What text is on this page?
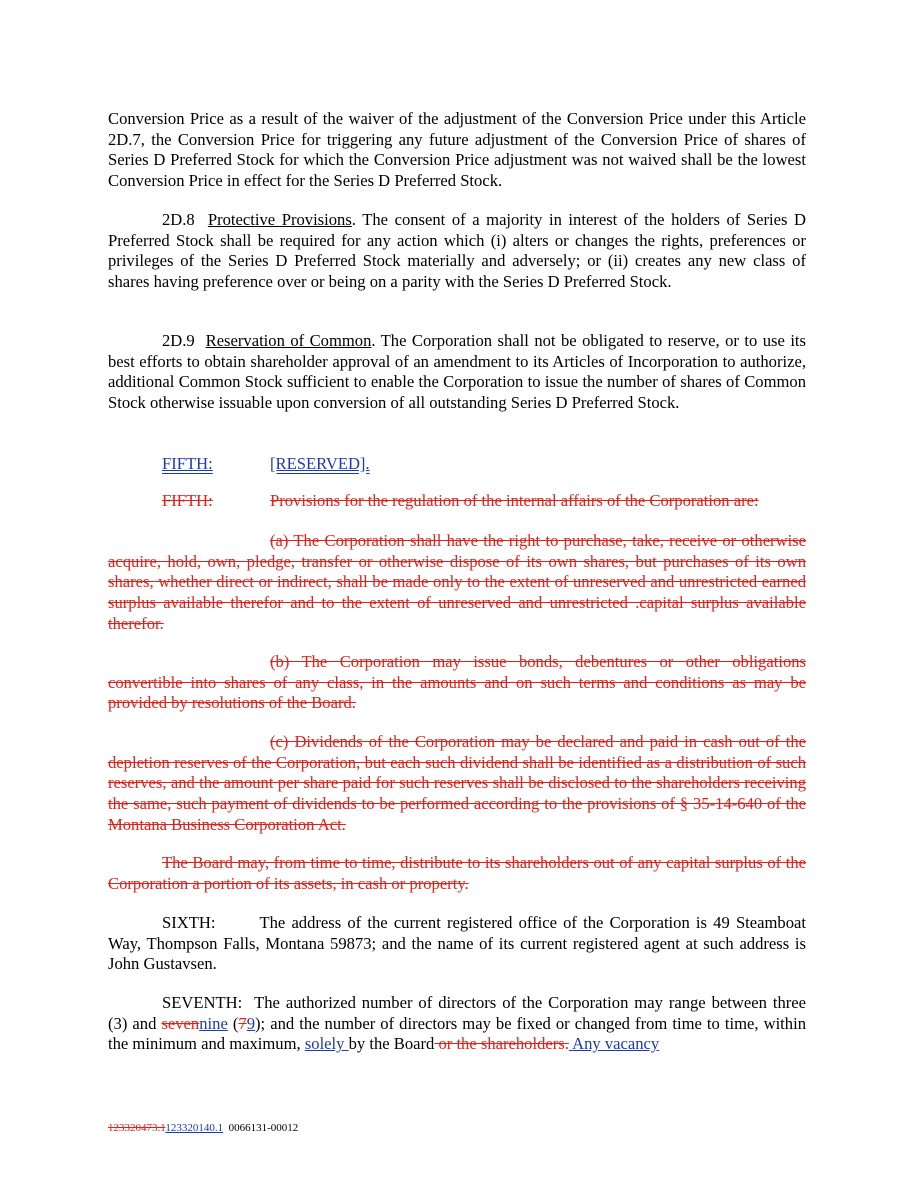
Conversion Price as a result of the waiver of the adjustment of the Conversion Price under this Article 2D.7, the Conversion Price for triggering any future adjustment of the Conversion Price of shares of Series D Preferred Stock for which the Conversion Price adjustment was not waived shall be the lowest Conversion Price in effect for the Series D Preferred Stock.

2D.8 Protective Provisions. The consent of a majority in interest of the holders of Series D Preferred Stock shall be required for any action which (i) alters or changes the rights, preferences or privileges of the Series D Preferred Stock materially and adversely; or (ii) creates any new class of shares having preference over or being on a parity with the Series D Preferred Stock.

2D.9 Reservation of Common. The Corporation shall not be obligated to reserve, or to use its best efforts to obtain shareholder approval of an amendment to its Articles of Incorporation to authorize, additional Common Stock sufficient to enable the Corporation to issue the number of shares of Common Stock otherwise issuable upon conversion of all outstanding Series D Preferred Stock.

FIFTH:	[RESERVED].
FIFTH:	Provisions for the regulation of the internal affairs of the Corporation are:

(a) The Corporation shall have the right to purchase, take, receive or otherwise acquire, hold, own, pledge, transfer or otherwise dispose of its own shares, but purchases of its own shares, whether direct or indirect, shall be made only to the extent of unreserved and unrestricted earned surplus available therefor and to the extent of unreserved and unrestricted .capital surplus available therefor.

(b) The Corporation may issue bonds, debentures or other obligations convertible into shares of any class, in the amounts and on such terms and conditions as may be provided by resolutions of the Board.

(c) Dividends of the Corporation may be declared and paid in cash out of the depletion reserves of the Corporation, but each such dividend shall be identified as a distribution of such reserves, and the amount per share paid for such reserves shall be disclosed to the shareholders receiving the same, such payment of dividends to be performed according to the provisions of § 35-14-640 of the Montana Business Corporation Act.

The Board may, from time to time, distribute to its shareholders out of any capital surplus of the Corporation a portion of its assets, in cash or property.

SIXTH:	The address of the current registered office of the Corporation is 49 Steamboat Way, Thompson Falls, Montana 59873; and the name of its current registered agent at such address is John Gustavsen.

SEVENTH: The authorized number of directors of the Corporation may range between three (3) and sevennine (79); and the number of directors may be fixed or changed from time to time, within the minimum and maximum, solely by the Board or the shareholders. Any vacancy

123320473.1123320140.1 0066131-00012
